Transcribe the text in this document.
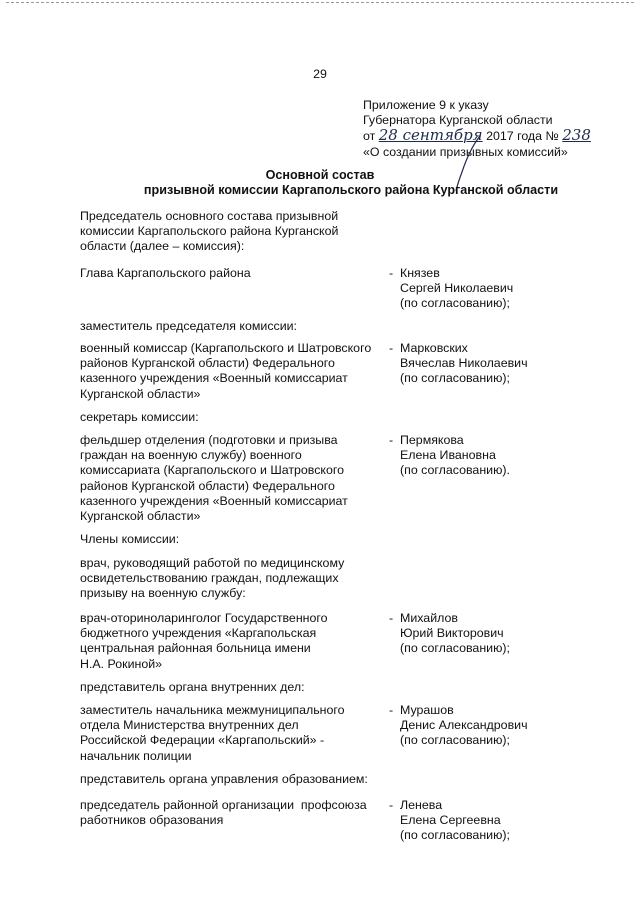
29
Приложение 9 к указу
Губернатора Курганской области
от 28 сентября 2017 года № 238
«О создании призывных комиссий»
Основной состав
призывной комиссии Каргапольского района Курганской области
Председатель основного состава призывной
комиссии Каргапольского района Курганской
области (далее – комиссия):
Глава Каргапольского района	- Князев
Сергей Николаевич
(по согласованию);
заместитель председателя комиссии:
военный комиссар (Каргапольского и Шатровского
районов Курганской области) Федерального
казенного учреждения «Военный комиссариат
Курганской области»
- Марковских
Вячеслав Николаевич
(по согласованию);
секретарь комиссии:
фельдшер отделения (подготовки и призыва
граждан на военную службу) военного
комиссариата (Каргапольского и Шатровского
районов Курганской области) Федерального
казенного учреждения «Военный комиссариат
Курганской области»
- Пермякова
Елена Ивановна
(по согласованию).
Члены комиссии:
врач, руководящий работой по медицинскому
освидетельствованию граждан, подлежащих
призыву на военную службу:
врач-оториноларинголог Государственного
бюджетного учреждения «Каргапольская
центральная районная больница имени
Н.А. Рокиной»
- Михайлов
Юрий Викторович
(по согласованию);
представитель органа внутренних дел:
заместитель начальника межмуниципального
отдела Министерства внутренних дел
Российской Федерации «Каргапольский» -
начальник полиции
- Мурашов
Денис Александрович
(по согласованию);
представитель органа управления образованием:
председатель районной организации  профсоюза
работников образования
- Ленева
Елена Сергеевна
(по согласованию);
